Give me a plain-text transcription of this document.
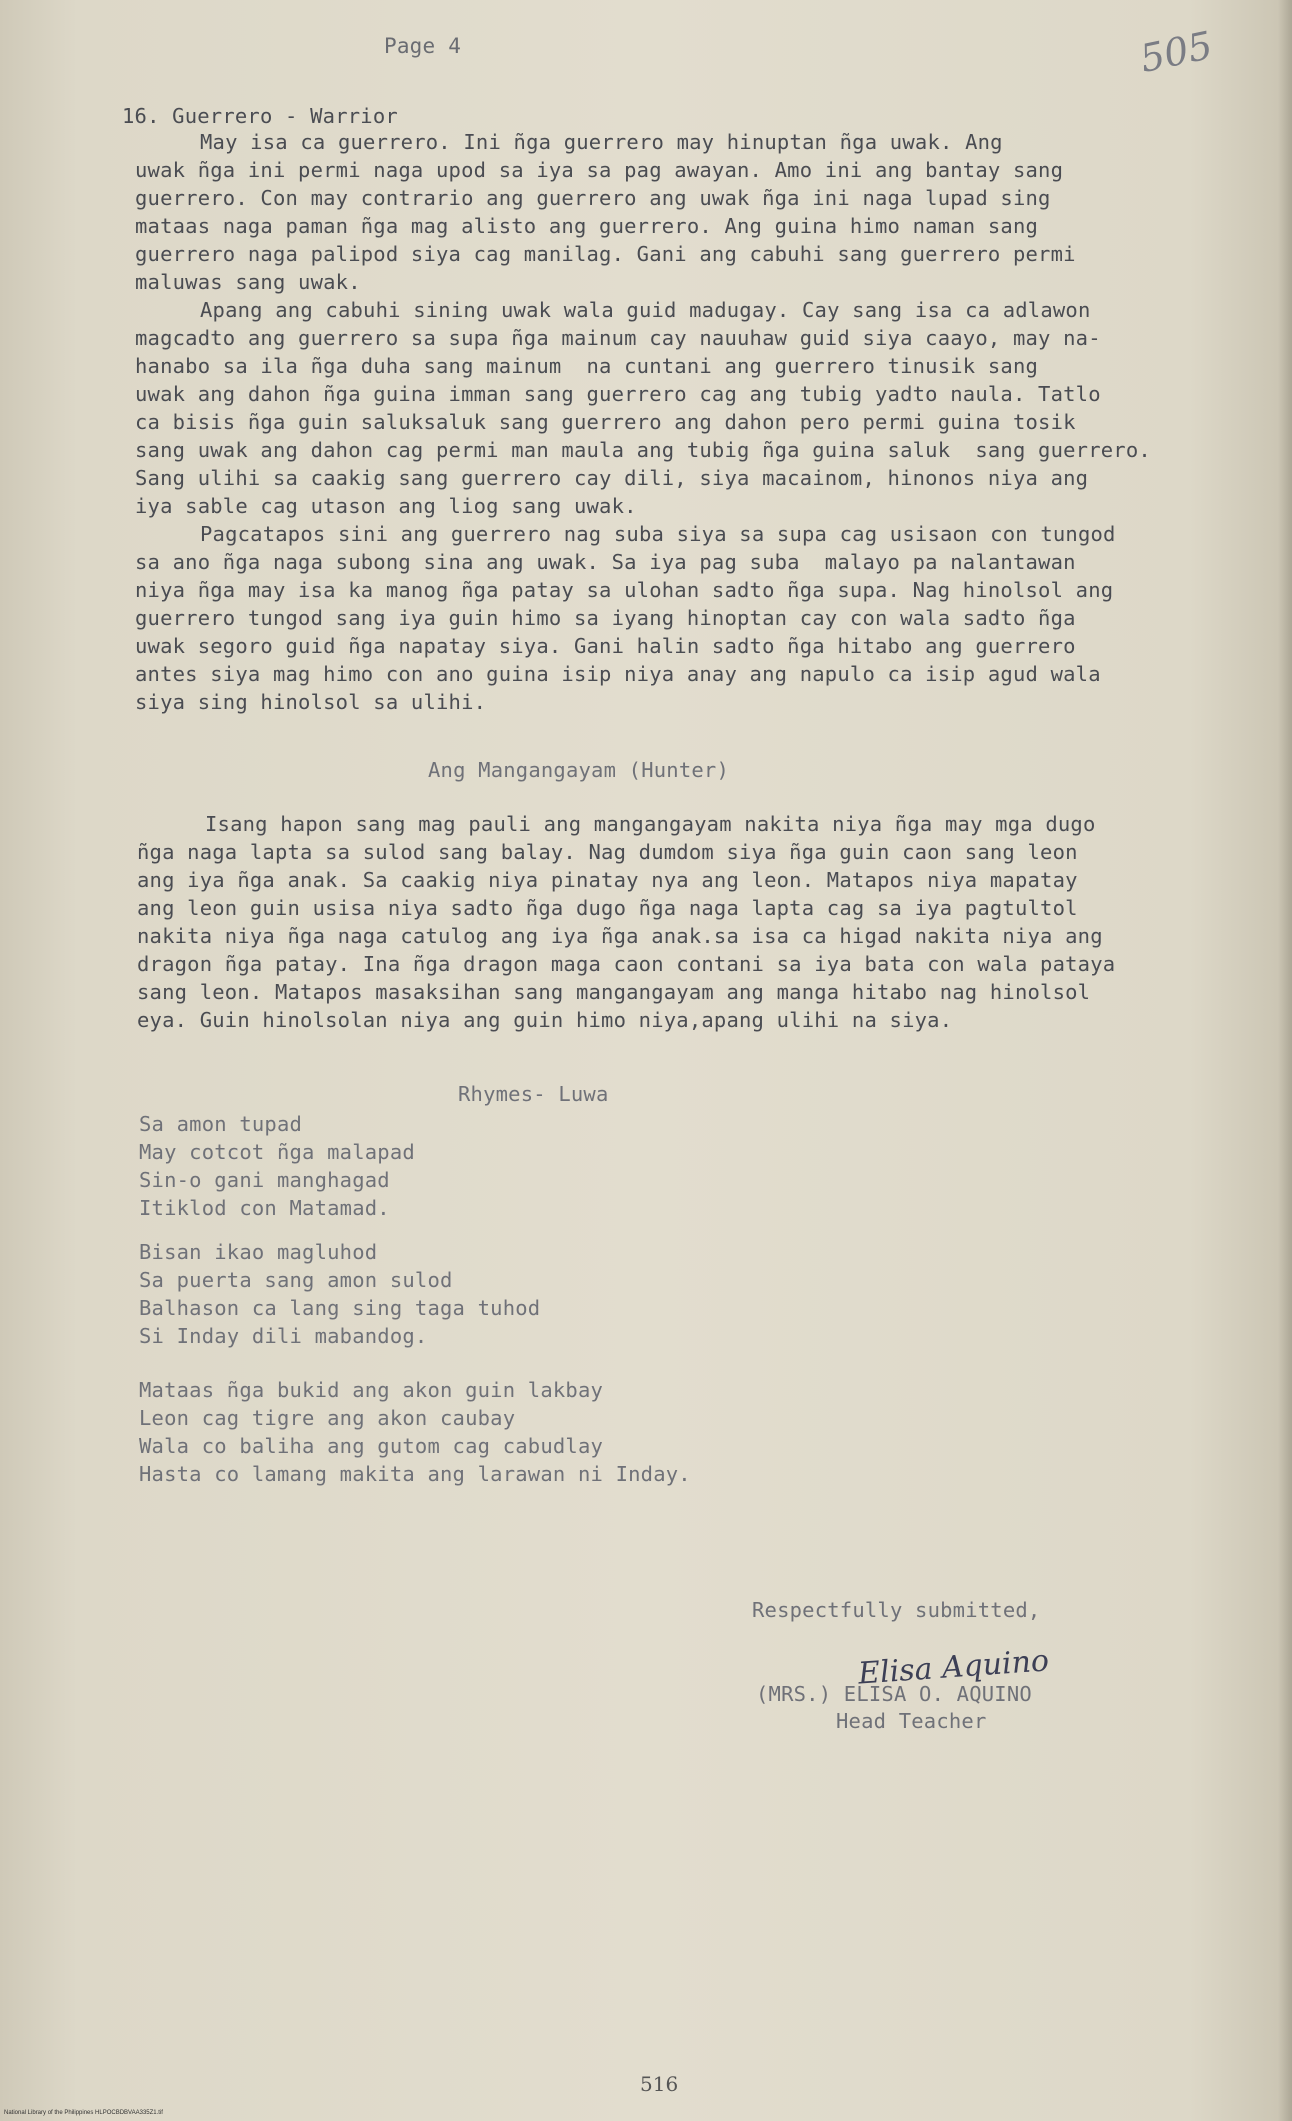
Page 4	505
16. Guerrero - Warrior

May isa ca guerrero. Ini ñga guerrero may hinuptan ñga uwak. Ang

uwak ñga ini permi naga upod sa iya sa pag awayan. Amo ini ang bantay sang

guerrero. Con may contrario ang guerrero ang uwak ñga ini naga lupad sing

mataas naga paman ñga mag alisto ang guerrero. Ang guina himo naman sang

guerrero naga palipod siya cag manilag. Gani ang cabuhi sang guerrero permi

maluwas sang uwak.

Apang ang cabuhi sining uwak wala guid madugay. Cay sang isa ca adlawon

magcadto ang guerrero sa supa ñga mainum cay nauuhaw guid siya caayo, may na-

hanabo sa ila ñga duha sang mainum  na cuntani ang guerrero tinusik sang

uwak ang dahon ñga guina imman sang guerrero cag ang tubig yadto naula. Tatlo

ca bisis ñga guin saluksaluk sang guerrero ang dahon pero permi guina tosik

sang uwak ang dahon cag permi man maula ang tubig ñga guina saluk  sang guerrero.

Sang ulihi sa caakig sang guerrero cay dili, siya macainom, hinonos niya ang

iya sable cag utason ang liog sang uwak.

Pagcatapos sini ang guerrero nag suba siya sa supa cag usisaon con tungod

sa ano ñga naga subong sina ang uwak. Sa iya pag suba  malayo pa nalantawan

niya ñga may isa ka manog ñga patay sa ulohan sadto ñga supa. Nag hinolsol ang

guerrero tungod sang iya guin himo sa iyang hinoptan cay con wala sadto ñga

uwak segoro guid ñga napatay siya. Gani halin sadto ñga hitabo ang guerrero

antes siya mag himo con ano guina isip niya anay ang napulo ca isip agud wala

siya sing hinolsol sa ulihi.

Ang Mangangayam (Hunter)

Isang hapon sang mag pauli ang mangangayam nakita niya ñga may mga dugo

ñga naga lapta sa sulod sang balay. Nag dumdom siya ñga guin caon sang leon

ang iya ñga anak. Sa caakig niya pinatay nya ang leon. Matapos niya mapatay

ang leon guin usisa niya sadto ñga dugo ñga naga lapta cag sa iya pagtultol

nakita niya ñga naga catulog ang iya ñga anak.sa isa ca higad nakita niya ang

dragon ñga patay. Ina ñga dragon maga caon contani sa iya bata con wala pataya

sang leon. Matapos masaksihan sang mangangayam ang manga hitabo nag hinolsol

eya. Guin hinolsolan niya ang guin himo niya,apang ulihi na siya.

Rhymes- Luwa

Sa amon tupad

May cotcot ñga malapad

Sin-o gani manghagad

Itiklod con Matamad.

Bisan ikao magluhod

Sa puerta sang amon sulod

Balhason ca lang sing taga tuhod

Si Inday dili mabandog.

Mataas ñga bukid ang akon guin lakbay

Leon cag tigre ang akon caubay

Wala co baliha ang gutom cag cabudlay

Hasta co lamang makita ang larawan ni Inday.

Respectfully submitted,
Elisa Aquino
(MRS.) ELISA O. AQUINO
Head Teacher
516
National Library of the Philippines HLPOCBDBVAA335Z1.tif
